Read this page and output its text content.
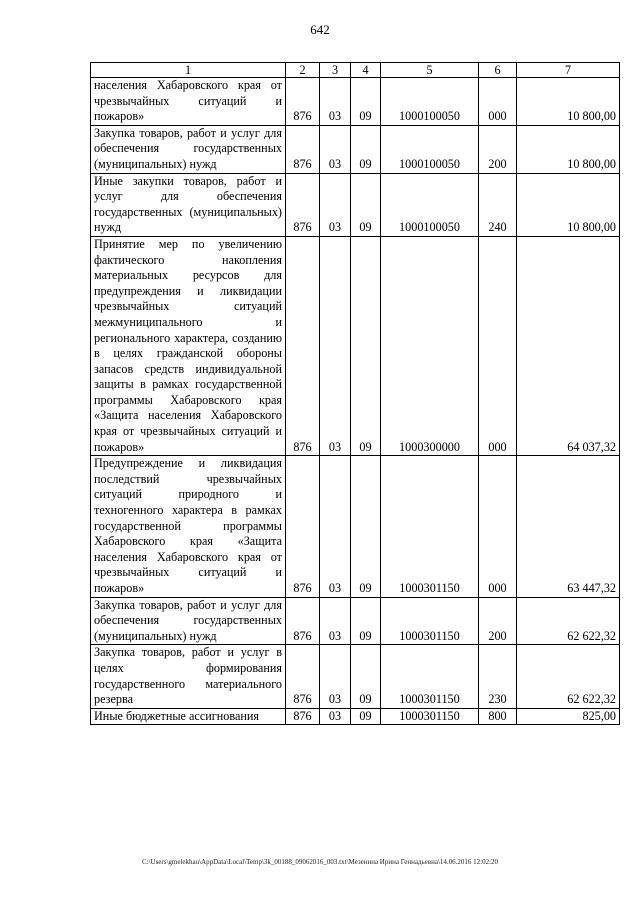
642
1	2	3	4	5	6	7
населения Хабаровского края от чрезвычайных ситуаций и пожаров»	876	03	09	1000100050	000	10 800,00
Закупка товаров, работ и услуг для обеспечения государственных (муниципальных) нужд	876	03	09	1000100050	200	10 800,00
Иные закупки товаров, работ и услуг для обеспечения государственных (муниципальных) нужд	876	03	09	1000100050	240	10 800,00
Принятие мер по увеличению фактического накопления материальных ресурсов для предупреждения и ликвидации чрезвычайных ситуаций межмуниципального и регионального характера, созданию в целях гражданской обороны запасов средств индивидуальной защиты в рамках государственной программы Хабаровского края «Защита населения Хабаровского края от чрезвычайных ситуаций и пожаров»	876	03	09	1000300000	000	64 037,32
Предупреждение и ликвидация последствий чрезвычайных ситуаций природного и техногенного характера в рамках государственной программы Хабаровского края «Защита населения Хабаровского края от чрезвычайных ситуаций и пожаров»	876	03	09	1000301150	000	63 447,32
Закупка товаров, работ и услуг для обеспечения государственных (муниципальных) нужд	876	03	09	1000301150	200	62 622,32
Закупка товаров, работ и услуг в целях формирования государственного материального резерва	876	03	09	1000301150	230	62 622,32
Иные бюджетные ассигнования	876	03	09	1000301150	800	825,00
C:\Users\gmelekhau\AppData\Local\Temp\3k_00188_09062016_003.txt\Мезенина Ирина Геннадьевна\14.06.2016 12:02:20
